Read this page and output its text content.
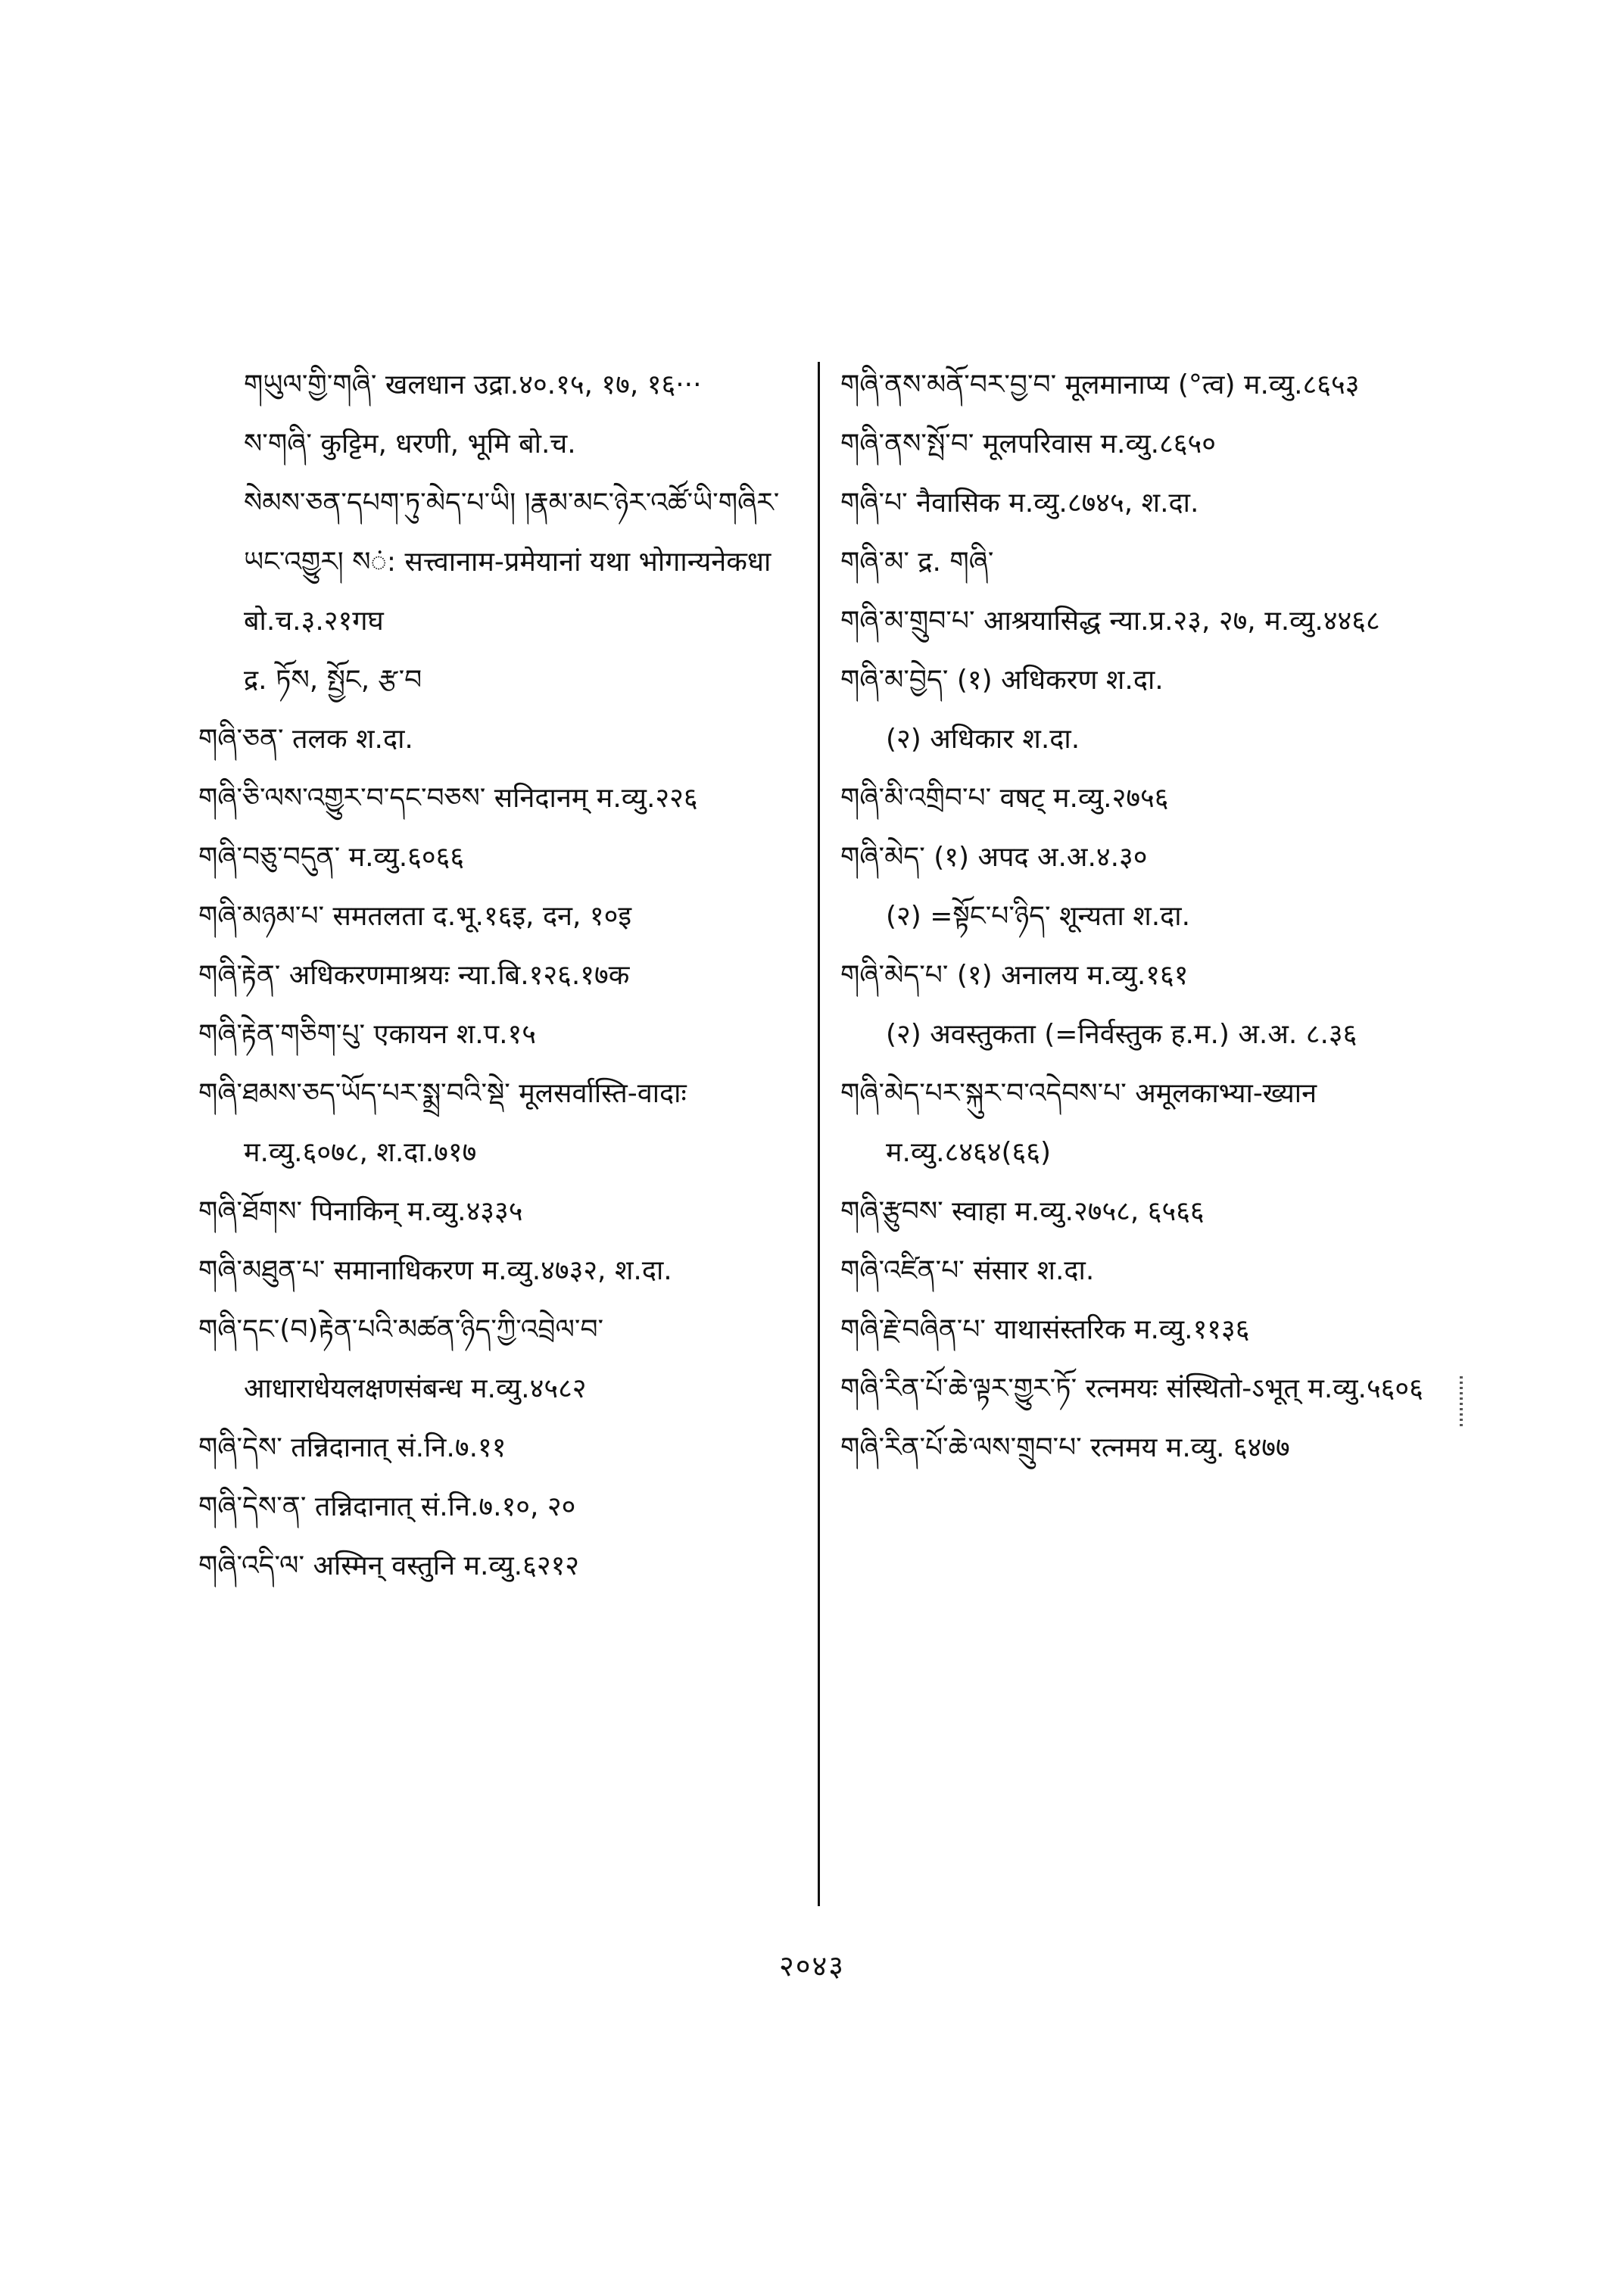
གཡུལ་གྱི་གཞི་ खलधान उद्रा.४०.१५, १७, १६···

ས་གཞི་ कुट्टिम, धरणी, भूमि बो.च.

སེམས་ཅན་དཔག་ཏུ་མེད་པ་ཡི། །རྣམ་མང་ཉེར་འཚོ་ཡི་གཞིར་ཡང་འགྱུར། སं: सत्त्वानाम-प्रमेयानां यथा भोगान्यनेकधा बो.च.३.२१गघ

द्र. ཏོས, སྤྱོང, རྩ་བ

གཞི་ཅན་ तलक श.दा.

གཞི་ཅི་ལས་འགྱུར་བ་དང་བཅས་ सनिदानम् म.व्यु.२२६

གཞི་བཅུ་བདུན་ म.व्यु.६०६६

གཞི་མཉམ་པ་ समतलता द.भू.१६इ, दन, १०इ

གཞི་རྟེན་ अधिकरणमाश्रयः न्या.बि.१२६.१७क

གཞི་རྟེན་གཅིག་པུ་ एकायन श.प.१५

གཞི་ཐམས་ཅད་ཡོད་པར་སྨྲ་བའི་སྡེ་ मूलसर्वास्ति-वादाः म.व्यु.६०७८, श.दा.७१७

གཞི་ཐོགས་ पिनाकिन् म.व्यु.४३३५

གཞི་མཐུན་པ་ समानाधिकरण म.व्यु.४७३२, श.दा.

གཞི་དང་(བ)རྟེན་པའི་མཚན་ཉིད་ཀྱི་འབྲེལ་བ་ आधाराधेयलक्षणसंबन्ध म.व्यु.४५८२

གཞི་དེས་ तन्निदानात् सं.नि.७.११

གཞི་དེས་ན་ तन्निदानात् सं.नि.७.१०, २०

གཞི་འདི་ལ་ अस्मिन् वस्तुनि म.व्यु.६२१२

གཞི་ནས་མནོ་བར་བྱ་བ་ मूलमानाप्य (°त्व) म.व्यु.८६५३

གཞི་ནས་སྤོ་བ་ मूलपरिवास म.व्यु.८६५०

གཞི་པ་ नैवासिक म.व्यु.८७४५, श.दा.

གཞི་མ་ द्र. གཞི་

གཞི་མ་གྲུབ་པ་ आश्रयासिद्ध न्या.प्र.२३, २७, म.व्यु.४४६८

གཞི་མ་བྱེད་ (१) अधिकरण श.दा.

(२) अधिकार श.दा.

གཞི་མི་འགྲིབ་པ་ वषट् म.व्यु.२७५६

གཞི་མེད་ (१) अपद अ.अ.४.३०

(२) =སྟོང་པ་ཉིད་ शून्यता श.दा.

གཞི་མེད་པ་ (१) अनालय म.व्यु.१६१

(२) अवस्तुकता (=निर्वस्तुक ह.म.) अ.अ. ८.३६

གཞི་མེད་པར་སྐུར་བ་འདེབས་པ་ अमूलकाभ्या-ख्यान म.व्यु.८४६४(६६)

གཞི་རྩུབས་ स्वाहा म.व्यु.२७५८, ६५६६

གཞི་འཛིན་པ་ संसार श.दा.

གཞི་རྗེ་བཞིན་པ་ याथासंस्तरिक म.व्यु.११३६

གཞི་རིན་པོ་ཆེ་ལྟར་གྱུར་ཏོ་ रत्नमयः संस्थितो-ऽभूत् म.व्यु.५६०६

གཞི་རིན་པོ་ཆེ་ལས་གྲུབ་པ་ रत्नमय म.व्यु. ६४७७

२०४३
